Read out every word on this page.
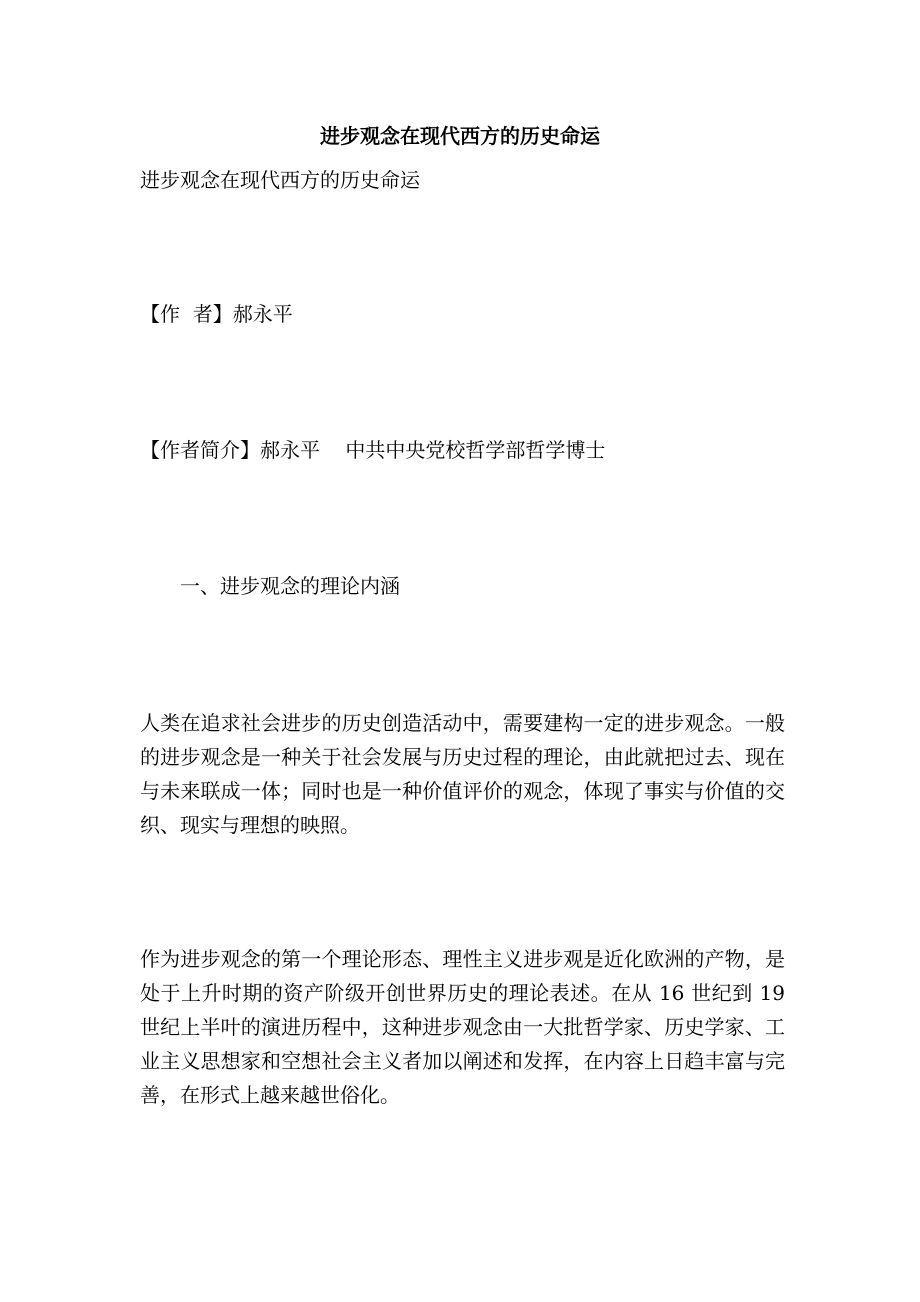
进步观念在现代西方的历史命运

进步观念在现代西方的历史命运

【作  者】郝永平

【作者简介】郝永平    中共中央党校哲学部哲学博士

一、进步观念的理论内涵

人类在追求社会进步的历史创造活动中，需要建构一定的进步观念。一般的进步观念是一种关于社会发展与历史过程的理论，由此就把过去、现在与未来联成一体；同时也是一种价值评价的观念，体现了事实与价值的交织、现实与理想的映照。

作为进步观念的第一个理论形态、理性主义进步观是近化欧洲的产物，是处于上升时期的资产阶级开创世界历史的理论表述。在从 16 世纪到 19 世纪上半叶的演进历程中，这种进步观念由一大批哲学家、历史学家、工业主义思想家和空想社会主义者加以阐述和发挥，在内容上日趋丰富与完善，在形式上越来越世俗化。
